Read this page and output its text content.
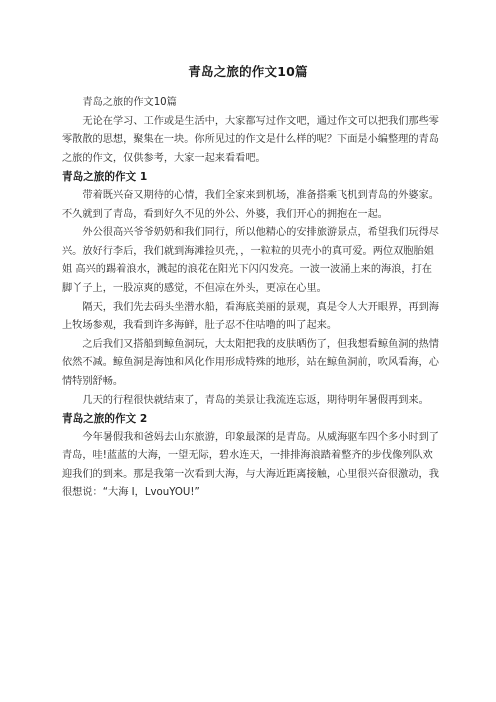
青岛之旅的作文10篇

青岛之旅的作文10篇

无论在学习、工作或是生活中，大家都写过作文吧，通过作文可以把我们那些零零散散的思想，聚集在一块。你所见过的作文是什么样的呢？下面是小编整理的青岛之旅的作文，仅供参考，大家一起来看看吧。

青岛之旅的作文 1

带着既兴奋又期待的心情，我们全家来到机场，准备搭乘飞机到青岛的外婆家。不久就到了青岛，看到好久不见的外公、外婆，我们开心的拥抱在一起。

外公很高兴爷爷奶奶和我们同行，所以他精心的安排旅游景点，希望我们玩得尽兴。放好行李后，我们就到海滩捡贝壳，，一粒粒的贝壳小的真可爱。两位双胞胎姐姐 高兴的踢着浪水，溅起的浪花在阳光下闪闪发亮。一波一波涌上来的海浪，打在脚丫子上，一股凉爽的感觉，不但凉在外头，更凉在心里。

隔天，我们先去码头坐潜水船，看海底美丽的景观，真是令人大开眼界，再到海上牧场参观，我看到许多海鲜，肚子忍不住咕噜的叫了起来。

之后我们又搭船到鲸鱼洞玩，大太阳把我的皮肤晒伤了，但我想看鲸鱼洞的热情依然不减。鲸鱼洞是海蚀和风化作用形成特殊的地形，站在鲸鱼洞前，吹风看海，心情特别舒畅。

几天的行程很快就结束了，青岛的美景让我流连忘返，期待明年暑假再到来。

青岛之旅的作文 2

今年暑假我和爸妈去山东旅游，印象最深的是青岛。从威海驱车四个多小时到了青岛，哇!蓝蓝的大海，一望无际，碧水连天，一排排海浪踏着整齐的步伐像列队欢迎我们的到来。那是我第一次看到大海，与大海近距离接触，心里很兴奋很激动，我很想说：“大海 I，LvouYOU!”
